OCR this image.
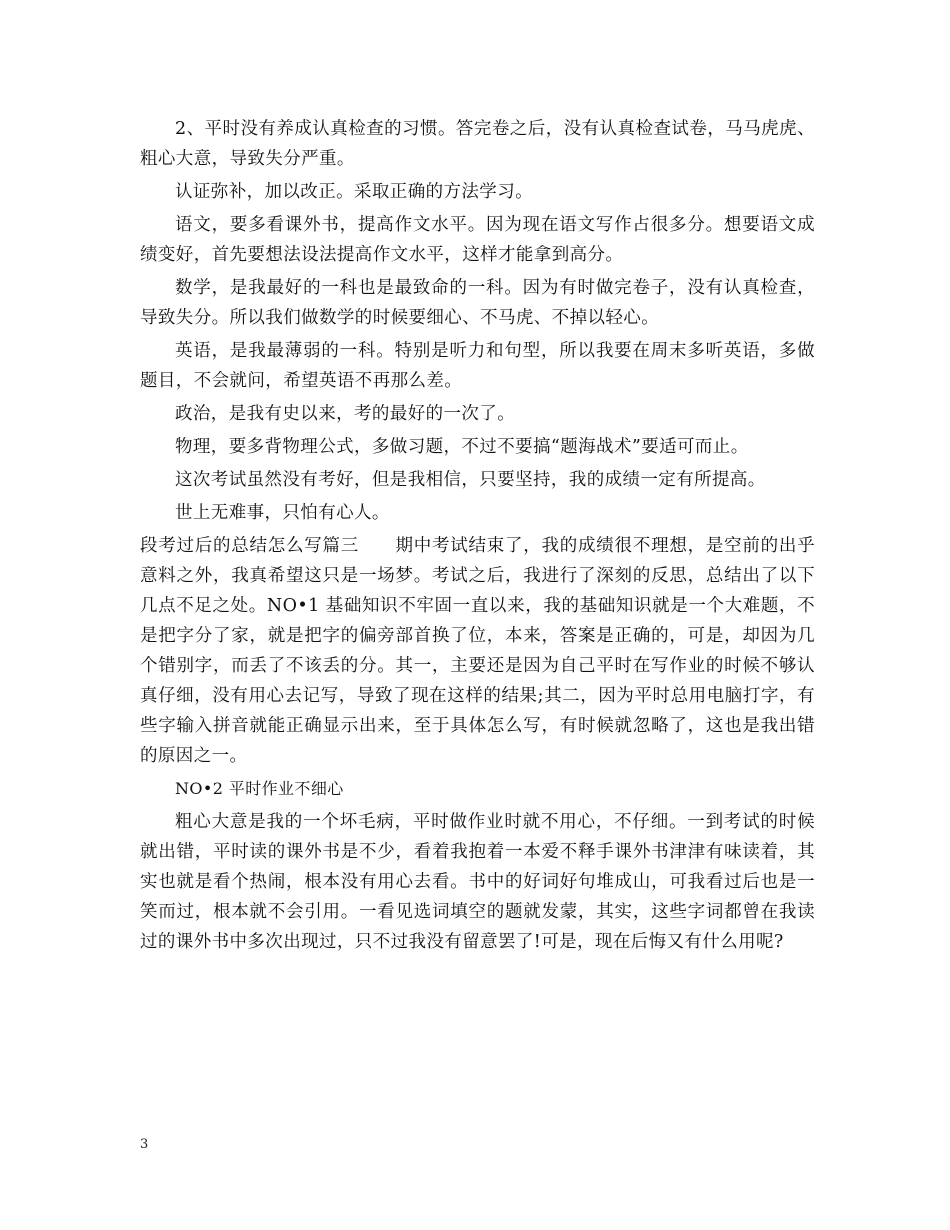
2、平时没有养成认真检查的习惯。答完卷之后，没有认真检查试卷，马马虎虎、粗心大意，导致失分严重。

认证弥补，加以改正。采取正确的方法学习。

语文，要多看课外书，提高作文水平。因为现在语文写作占很多分。想要语文成绩变好，首先要想法设法提高作文水平，这样才能拿到高分。

数学，是我最好的一科也是最致命的一科。因为有时做完卷子，没有认真检查，导致失分。所以我们做数学的时候要细心、不马虎、不掉以轻心。

英语，是我最薄弱的一科。特别是听力和句型，所以我要在周末多听英语，多做题目，不会就问，希望英语不再那么差。

政治，是我有史以来，考的最好的一次了。

物理，要多背物理公式，多做习题，不过不要搞“题海战术”要适可而止。

这次考试虽然没有考好，但是我相信，只要坚持，我的成绩一定有所提高。

世上无难事，只怕有心人。

段考过后的总结怎么写篇三　　期中考试结束了，我的成绩很不理想，是空前的出乎意料之外，我真希望这只是一场梦。考试之后，我进行了深刻的反思，总结出了以下几点不足之处。NO•1 基础知识不牢固一直以来，我的基础知识就是一个大难题，不是把字分了家，就是把字的偏旁部首换了位，本来，答案是正确的，可是，却因为几个错别字，而丢了不该丢的分。其一，主要还是因为自己平时在写作业的时候不够认真仔细，没有用心去记写，导致了现在这样的结果;其二，因为平时总用电脑打字，有些字输入拼音就能正确显示出来，至于具体怎么写，有时候就忽略了，这也是我出错的原因之一。

NO•2 平时作业不细心

粗心大意是我的一个坏毛病，平时做作业时就不用心，不仔细。一到考试的时候就出错，平时读的课外书是不少，看着我抱着一本爱不释手课外书津津有味读着，其实也就是看个热闹，根本没有用心去看。书中的好词好句堆成山，可我看过后也是一笑而过，根本就不会引用。一看见选词填空的题就发蒙，其实，这些字词都曾在我读过的课外书中多次出现过，只不过我没有留意罢了!可是，现在后悔又有什么用呢?

3
